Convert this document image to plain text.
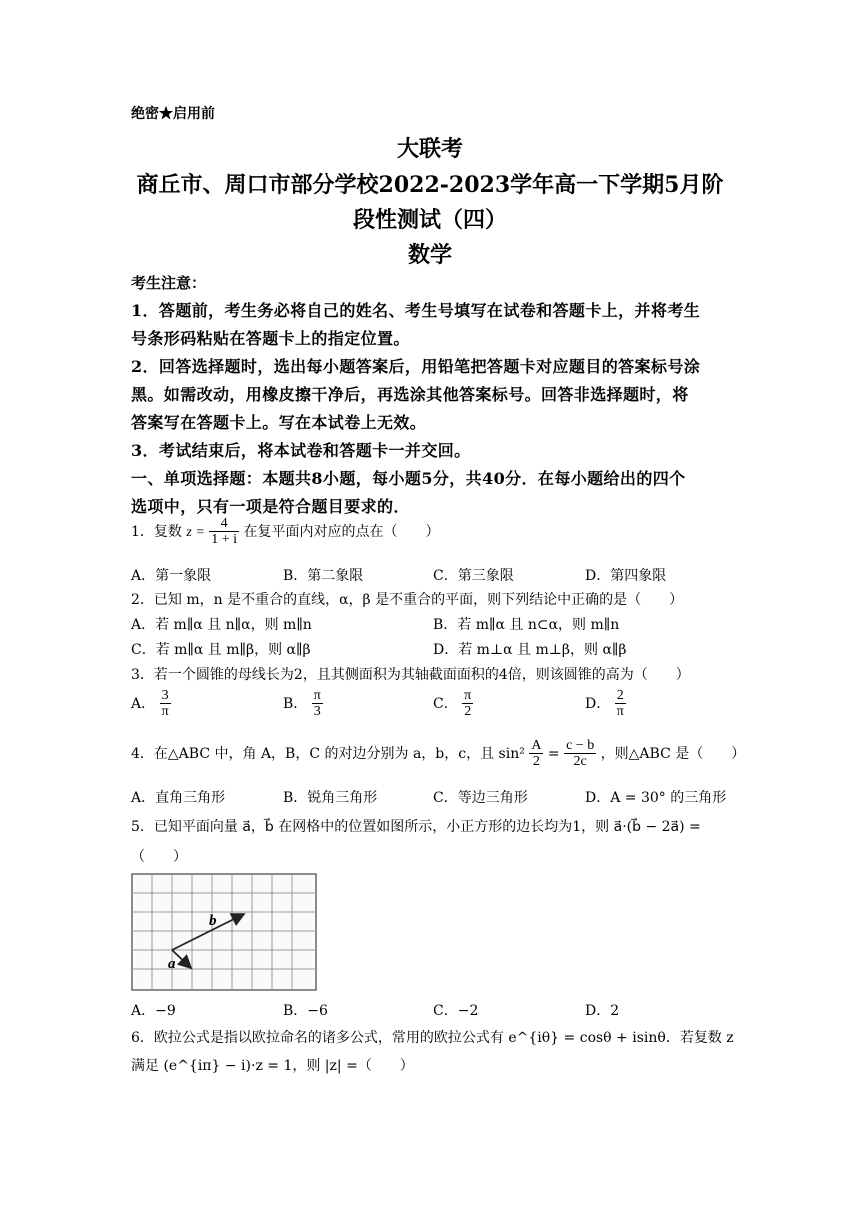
绝密★启用前
大联考
商丘市、周口市部分学校2022-2023学年高一下学期5月阶
段性测试（四）
数学
考生注意：
1．答题前，考生务必将自己的姓名、考生号填写在试卷和答题卡上，并将考生
号条形码粘贴在答题卡上的指定位置。
2．回答选择题时，选出每小题答案后，用铅笔把答题卡对应题目的答案标号涂
黑。如需改动，用橡皮擦干净后，再选涂其他答案标号。回答非选择题时，将
答案写在答题卡上。写在本试卷上无效。
3．考试结束后，将本试卷和答题卡一并交回。
一、单项选择题：本题共8小题，每小题5分，共40分．在每小题给出的四个
选项中，只有一项是符合题目要求的．
1．复数 $z = \frac{4}{1 + i}$ 在复平面内对应的点在（　　）
A．第一象限	B．第二象限	C．第三象限	D．第四象限
2．已知 m，n 是不重合的直线，α，β 是不重合的平面，则下列结论中正确的是（　　）
A．若 m∥α 且 n∥α，则 m∥n	B．若 m∥α 且 n⊂α，则 m∥n
C．若 m∥α 且 m∥β，则 α∥β	D．若 m⊥α 且 m⊥β，则 α∥β
3．若一个圆锥的母线长为2，且其侧面积为其轴截面面积的4倍，则该圆锥的高为（　　）
A． $\frac{3}{\pi}$	B． $\frac{\pi}{3}$	C． $\frac{\pi}{2}$	D． $\frac{2}{\pi}$
4．在△ABC 中，角 A，B，C 的对边分别为 a，b，c，且 $\sin^2 \frac{A}{2} = \frac{c - b}{2c}$ ，则△ABC 是（　　）
A．直角三角形	B．锐角三角形	C．等边三角形	D．A = 30° 的三角形
5．已知平面向量 a⃗，b⃗ 在网格中的位置如图所示，小正方形的边长均为1，则 a⃗·(b⃗ − 2a⃗) =
（　　）
b
a
A．−9	B．−6	C．−2	D．2
6．欧拉公式是指以欧拉命名的诸多公式，常用的欧拉公式有 e^{iθ} = cosθ + isinθ．若复数 z
满足 (e^{iπ} − i)·z = 1，则 |z| =（　　）
